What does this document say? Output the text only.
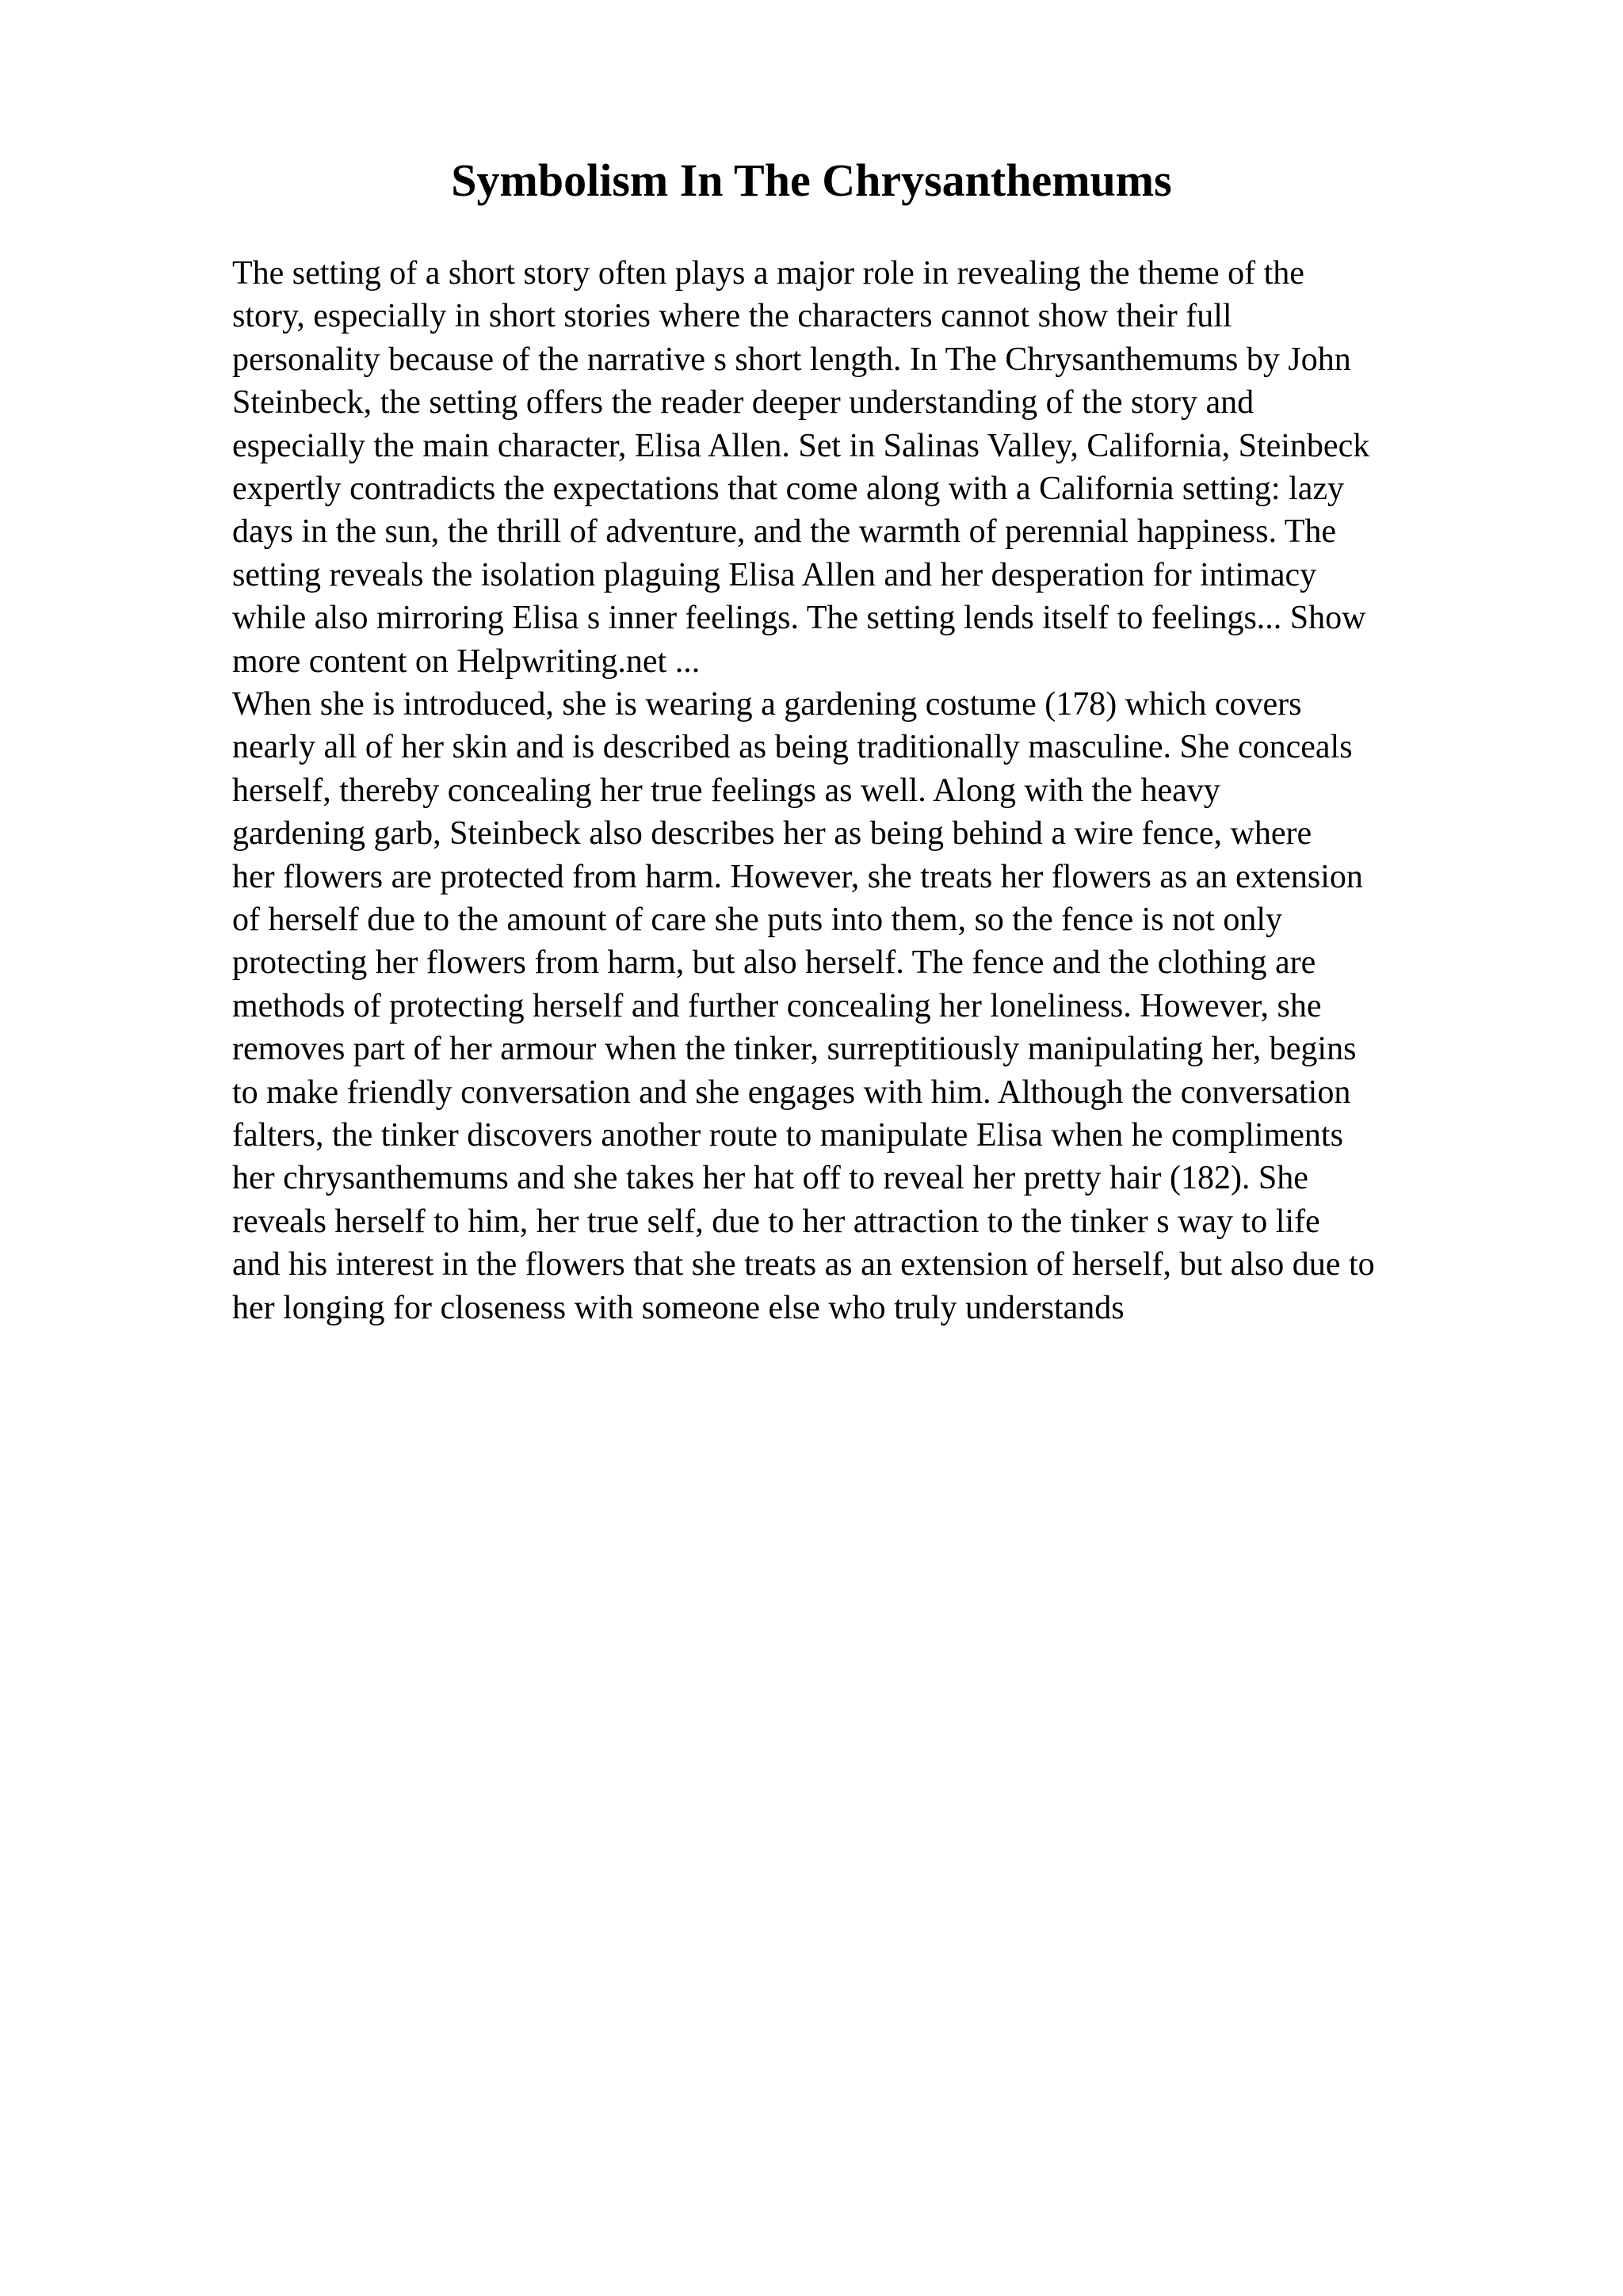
Symbolism In The Chrysanthemums

The setting of a short story often plays a major role in revealing the theme of the

story, especially in short stories where the characters cannot show their full

personality because of the narrative s short length. In The Chrysanthemums by John

Steinbeck, the setting offers the reader deeper understanding of the story and

especially the main character, Elisa Allen. Set in Salinas Valley, California, Steinbeck

expertly contradicts the expectations that come along with a California setting: lazy

days in the sun, the thrill of adventure, and the warmth of perennial happiness. The

setting reveals the isolation plaguing Elisa Allen and her desperation for intimacy

while also mirroring Elisa s inner feelings. The setting lends itself to feelings... Show

more content on Helpwriting.net ...

When she is introduced, she is wearing a gardening costume (178) which covers

nearly all of her skin and is described as being traditionally masculine. She conceals

herself, thereby concealing her true feelings as well. Along with the heavy

gardening garb, Steinbeck also describes her as being behind a wire fence, where

her flowers are protected from harm. However, she treats her flowers as an extension

of herself due to the amount of care she puts into them, so the fence is not only

protecting her flowers from harm, but also herself. The fence and the clothing are

methods of protecting herself and further concealing her loneliness. However, she

removes part of her armour when the tinker, surreptitiously manipulating her, begins

to make friendly conversation and she engages with him. Although the conversation

falters, the tinker discovers another route to manipulate Elisa when he compliments

her chrysanthemums and she takes her hat off to reveal her pretty hair (182). She

reveals herself to him, her true self, due to her attraction to the tinker s way to life

and his interest in the flowers that she treats as an extension of herself, but also due to

her longing for closeness with someone else who truly understands
